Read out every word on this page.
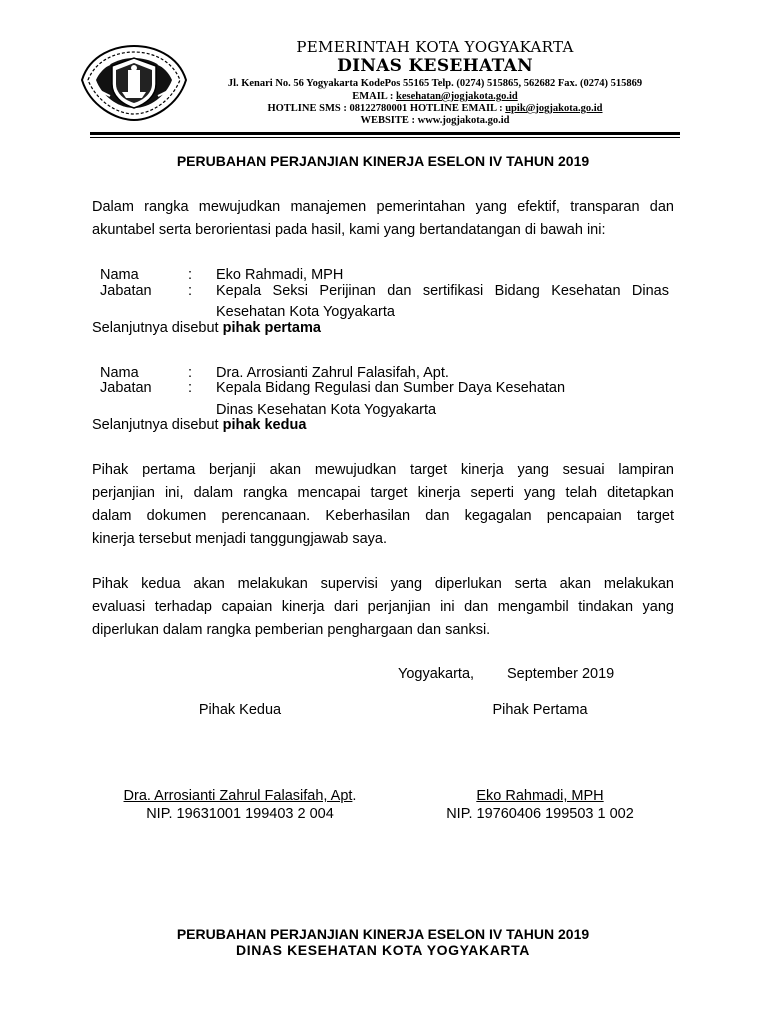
PEMERINTAH KOTA YOGYAKARTA
DINAS KESEHATAN
Jl. Kenari No. 56 Yogyakarta KodePos 55165 Telp. (0274) 515865, 562682 Fax. (0274) 515869
EMAIL : kesehatan@jogjakota.go.id
HOTLINE SMS : 08122780001 HOTLINE EMAIL : upik@jogjakota.go.id
WEBSITE : www.jogjakota.go.id
PERUBAHAN PERJANJIAN KINERJA ESELON IV TAHUN 2019
Dalam rangka mewujudkan manajemen pemerintahan yang efektif, transparan dan
akuntabel serta berorientasi pada hasil, kami yang bertandatangan di bawah ini:
Nama	: Eko Rahmadi, MPH
Jabatan	: Kepala Seksi Perijinan dan sertifikasi Bidang Kesehatan Dinas
Kesehatan Kota Yogyakarta
Selanjutnya disebut pihak pertama
Nama	: Dra. Arrosianti Zahrul Falasifah, Apt.
Jabatan	: Kepala Bidang Regulasi dan Sumber Daya Kesehatan
Dinas Kesehatan Kota Yogyakarta
Selanjutnya disebut pihak kedua
Pihak pertama berjanji akan mewujudkan target kinerja yang sesuai lampiran
perjanjian ini, dalam rangka mencapai target kinerja seperti yang telah ditetapkan
dalam dokumen perencanaan. Keberhasilan dan kegagalan pencapaian target
kinerja tersebut menjadi tanggungjawab saya.
Pihak kedua akan melakukan supervisi yang diperlukan serta akan melakukan
evaluasi terhadap capaian kinerja dari perjanjian ini dan mengambil tindakan yang
diperlukan dalam rangka pemberian penghargaan dan sanksi.
Yogyakarta, September 2019
Pihak Kedua	Pihak Pertama
Dra. Arrosianti Zahrul Falasifah, Apt.
NIP. 19631001 199403 2 004
Eko Rahmadi, MPH
NIP. 19760406 199503 1 002
PERUBAHAN PERJANJIAN KINERJA ESELON IV TAHUN 2019
DINAS KESEHATAN KOTA YOGYAKARTA
